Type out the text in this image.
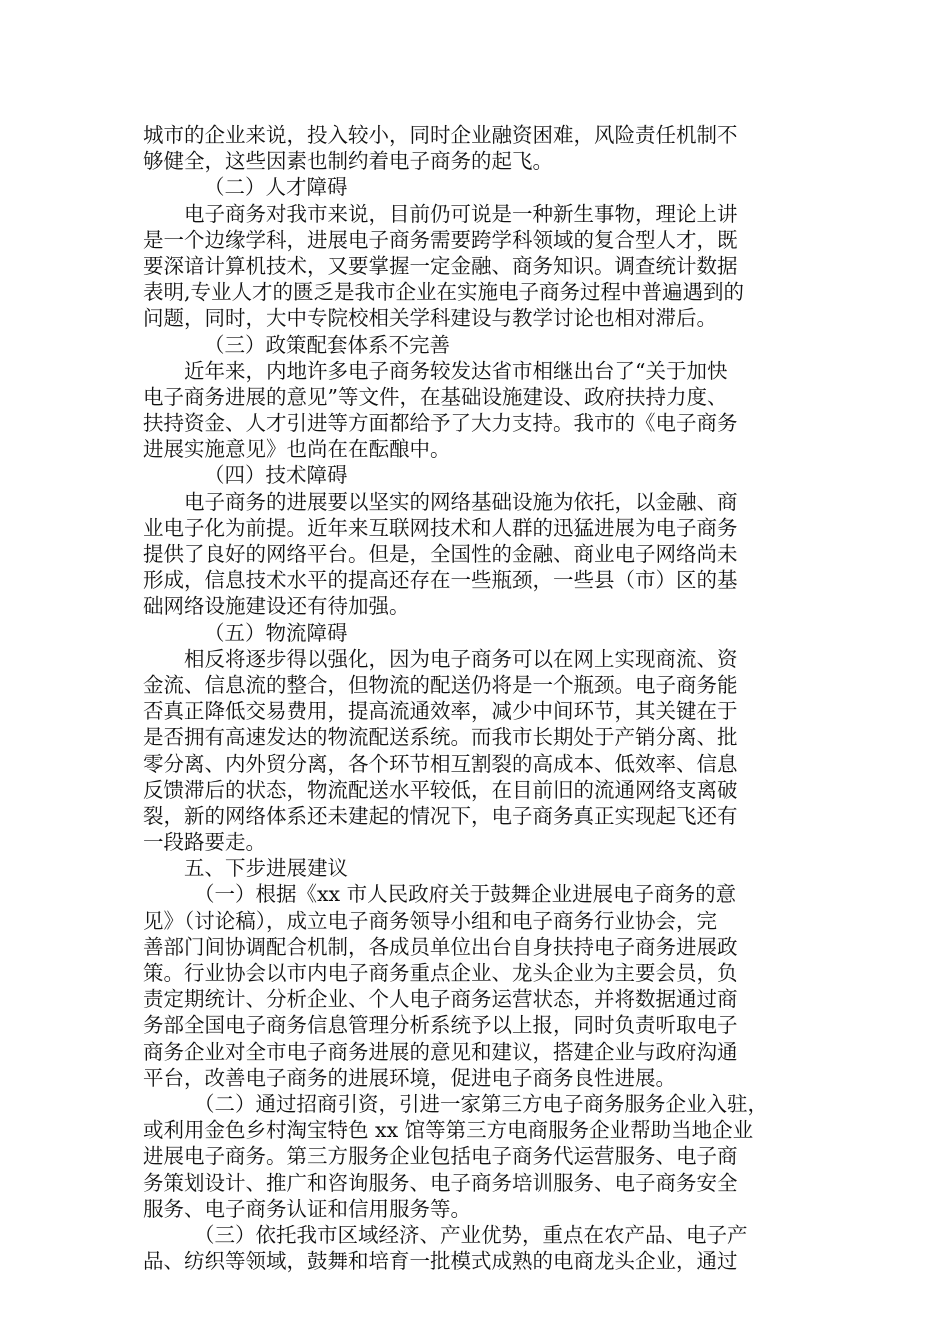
城市的企业来说，投入较小，同时企业融资困难，风险责任机制不
够健全，这些因素也制约着电子商务的起飞。
（二）人才障碍
电子商务对我市来说，目前仍可说是一种新生事物，理论上讲
是一个边缘学科，进展电子商务需要跨学科领域的复合型人才，既
要深谙计算机技术，又要掌握一定金融、商务知识。调查统计数据
表明,专业人才的匮乏是我市企业在实施电子商务过程中普遍遇到的
问题，同时，大中专院校相关学科建设与教学讨论也相对滞后。
（三）政策配套体系不完善
近年来，内地许多电子商务较发达省市相继出台了“关于加快
电子商务进展的意见”等文件，在基础设施建设、政府扶持力度、
扶持资金、人才引进等方面都给予了大力支持。我市的《电子商务
进展实施意见》也尚在在酝酿中。
（四）技术障碍
电子商务的进展要以坚实的网络基础设施为依托，以金融、商
业电子化为前提。近年来互联网技术和人群的迅猛进展为电子商务
提供了良好的网络平台。但是，全国性的金融、商业电子网络尚未
形成，信息技术水平的提高还存在一些瓶颈，一些县（市）区的基
础网络设施建设还有待加强。
（五）物流障碍
相反将逐步得以强化，因为电子商务可以在网上实现商流、资
金流、信息流的整合，但物流的配送仍将是一个瓶颈。电子商务能
否真正降低交易费用，提高流通效率，减少中间环节，其关键在于
是否拥有高速发达的物流配送系统。而我市长期处于产销分离、批
零分离、内外贸分离，各个环节相互割裂的高成本、低效率、信息
反馈滞后的状态，物流配送水平较低，在目前旧的流通网络支离破
裂，新的网络体系还未建起的情况下，电子商务真正实现起飞还有
一段路要走。
五、下步进展建议
（一）根据《xx 市人民政府关于鼓舞企业进展电子商务的意
见》（讨论稿），成立电子商务领导小组和电子商务行业协会，完
善部门间协调配合机制，各成员单位出台自身扶持电子商务进展政
策。行业协会以市内电子商务重点企业、龙头企业为主要会员，负
责定期统计、分析企业、个人电子商务运营状态，并将数据通过商
务部全国电子商务信息管理分析系统予以上报，同时负责听取电子
商务企业对全市电子商务进展的意见和建议，搭建企业与政府沟通
平台，改善电子商务的进展环境，促进电子商务良性进展。
（二）通过招商引资，引进一家第三方电子商务服务企业入驻，
或利用金色乡村淘宝特色 xx 馆等第三方电商服务企业帮助当地企业
进展电子商务。第三方服务企业包括电子商务代运营服务、电子商
务策划设计、推广和咨询服务、电子商务培训服务、电子商务安全
服务、电子商务认证和信用服务等。
（三）依托我市区域经济、产业优势，重点在农产品、电子产
品、纺织等领域，鼓舞和培育一批模式成熟的电商龙头企业，通过
